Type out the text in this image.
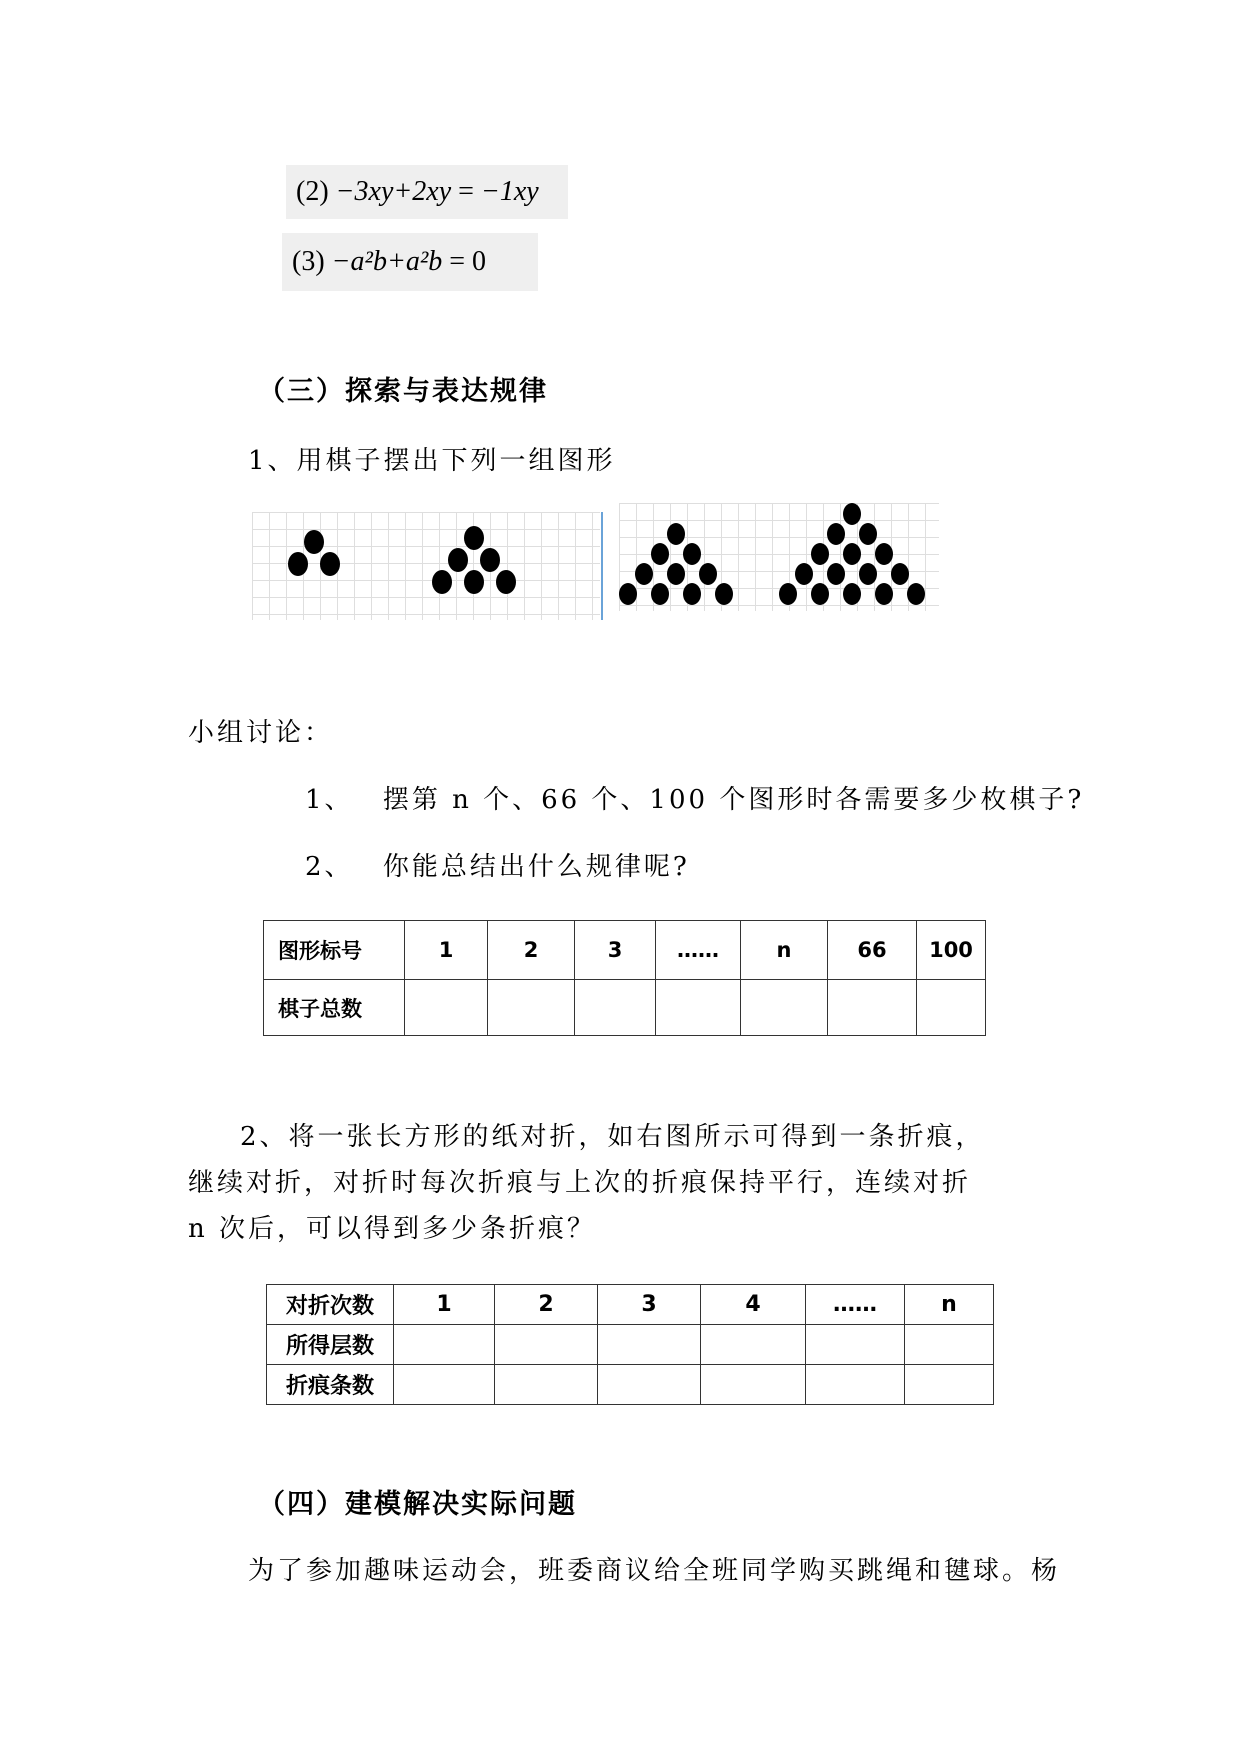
(2) −3xy+2xy = −1xy
(3) −a²b+a²b = 0
（三）探索与表达规律
1、用棋子摆出下列一组图形
小组讨论：
1、 摆第 n 个、66 个、100 个图形时各需要多少枚棋子?
2、 你能总结出什么规律呢?
图形标号	1	2	3	……	n	66	100
棋子总数							
2、将一张长方形的纸对折，如右图所示可得到一条折痕，继续对折，对折时每次折痕与上次的折痕保持平行，连续对折 n 次后，可以得到多少条折痕？
对折次数	1	2	3	4	……	n
所得层数						
折痕条数						
（四）建模解决实际问题
为了参加趣味运动会，班委商议给全班同学购买跳绳和毽球。杨
